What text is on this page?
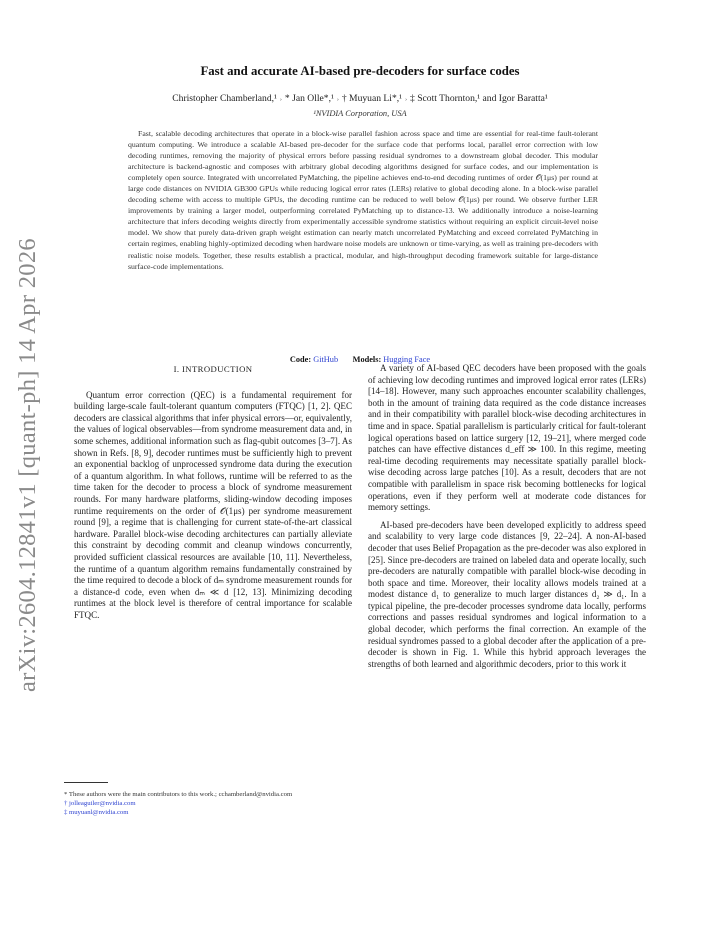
arXiv:2604.12841v1 [quant-ph] 14 Apr 2026
Fast and accurate AI-based pre-decoders for surface codes
Christopher Chamberland,¹ ˒ * Jan Olle*,¹ ˒ † Muyuan Li*,¹ ˒ ‡ Scott Thornton,¹ and Igor Baratta¹
¹NVIDIA Corporation, USA
Fast, scalable decoding architectures that operate in a block-wise parallel fashion across space and time are essential for real-time fault-tolerant quantum computing. We introduce a scalable AI-based pre-decoder for the surface code that performs local, parallel error correction with low decoding runtimes, removing the majority of physical errors before passing residual syndromes to a downstream global decoder. This modular architecture is backend-agnostic and composes with arbitrary global decoding algorithms designed for surface codes, and our implementation is completely open source. Integrated with uncorrelated PyMatching, the pipeline achieves end-to-end decoding runtimes of order 𝒪(1μs) per round at large code distances on NVIDIA GB300 GPUs while reducing logical error rates (LERs) relative to global decoding alone. In a block-wise parallel decoding scheme with access to multiple GPUs, the decoding runtime can be reduced to well below 𝒪(1μs) per round. We observe further LER improvements by training a larger model, outperforming correlated PyMatching up to distance-13. We additionally introduce a noise-learning architecture that infers decoding weights directly from experimentally accessible syndrome statistics without requiring an explicit circuit-level noise model. We show that purely data-driven graph weight estimation can nearly match uncorrelated PyMatching and exceed correlated PyMatching in certain regimes, enabling highly-optimized decoding when hardware noise models are unknown or time-varying, as well as training pre-decoders with realistic noise models. Together, these results establish a practical, modular, and high-throughput decoding framework suitable for large-distance surface-code implementations.
Code: GitHub Models: Hugging Face
I. INTRODUCTION

Quantum error correction (QEC) is a fundamental requirement for building large-scale fault-tolerant quantum computers (FTQC) [1, 2]. QEC decoders are classical algorithms that infer physical errors—or, equivalently, the values of logical observables—from syndrome measurement data and, in some schemes, additional information such as flag-qubit outcomes [3–7]. As shown in Refs. [8, 9], decoder runtimes must be sufficiently high to prevent an exponential backlog of unprocessed syndrome data during the execution of a quantum algorithm. In what follows, runtime will be referred to as the time taken for the decoder to process a block of syndrome measurement rounds. For many hardware platforms, sliding-window decoding imposes runtime requirements on the order of 𝒪(1μs) per syndrome measurement round [9], a regime that is challenging for current state-of-the-art classical hardware. Parallel block-wise decoding architectures can partially alleviate this constraint by decoding commit and cleanup windows concurrently, provided sufficient classical resources are available [10, 11]. Nevertheless, the runtime of a quantum algorithm remains fundamentally constrained by the time required to decode a block of dₘ syndrome measurement rounds for a distance-d code, even when dₘ ≪ d [12, 13]. Minimizing decoding runtimes at the block level is therefore of central importance for scalable FTQC.

A variety of AI-based QEC decoders have been proposed with the goals of achieving low decoding runtimes and improved logical error rates (LERs) [14–18]. However, many such approaches encounter scalability challenges, both in the amount of training data required as the code distance increases and in their compatibility with parallel block-wise decoding architectures in time and in space. Spatial parallelism is particularly critical for fault-tolerant logical operations based on lattice surgery [12, 19–21], where merged code patches can have effective distances d_eff ≫ 100. In this regime, meeting real-time decoding requirements may necessitate spatially parallel block-wise decoding across large patches [10]. As a result, decoders that are not compatible with parallelism in space risk becoming bottlenecks for logical operations, even if they perform well at moderate code distances for memory settings.

AI-based pre-decoders have been developed explicitly to address speed and scalability to very large code distances [9, 22–24]. A non-AI-based decoder that uses Belief Propagation as the pre-decoder was also explored in [25]. Since pre-decoders are trained on labeled data and operate locally, such pre-decoders are naturally compatible with parallel block-wise decoding in both space and time. Moreover, their locality allows models trained at a modest distance d₁ to generalize to much larger distances d₂ ≫ d₁. In a typical pipeline, the pre-decoder processes syndrome data locally, performs corrections and passes residual syndromes and logical information to a global decoder, which performs the final correction. An example of the residual syndromes passed to a global decoder after the application of a pre-decoder is shown in Fig. 1. While this hybrid approach leverages the strengths of both learned and algorithmic decoders, prior to this work it

* These authors were the main contributors to this work.; cchamberland@nvidia.com
† jolleaguiler@nvidia.com
‡ muyuanl@nvidia.com
